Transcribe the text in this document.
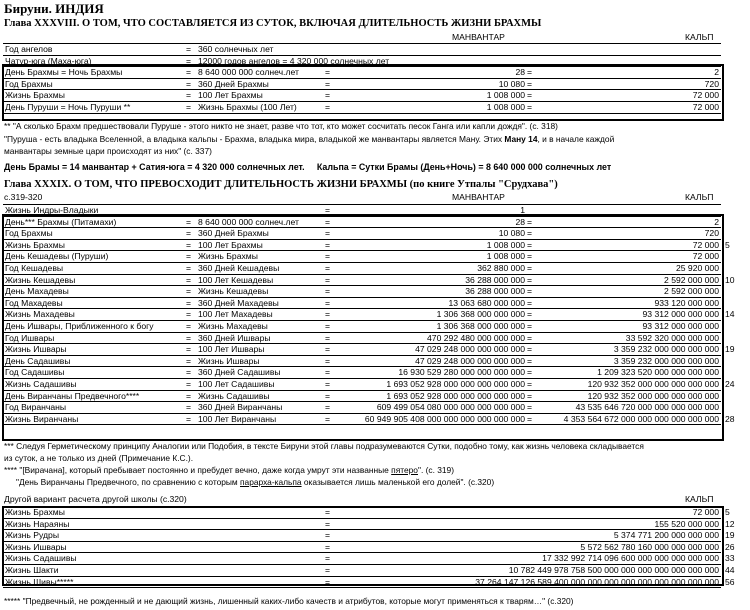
Бируни. ИНДИЯ
Глава XXXVIII. О ТОМ, ЧТО СОСТАВЛЯЕТСЯ ИЗ СУТОК, ВКЛЮЧАЯ ДЛИТЕЛЬНОСТЬ ЖИЗНИ БРАХМЫ
МАНВАНТАР	КАЛЬП
Год ангелов	= 360 солнечных лет
Чатур-юга (Маха-юга)	= 12000 годов ангелов = 4 320 000 солнечных лет
День Брахмы = Ночь Брахмы	= 8 640 000 000 солнеч.лет	=	28 =	2
Год Брахмы	= 360 Дней Брахмы	=	10 080 =	720
Жизнь Брахмы	= 100 Лет Брахмы	=	1 008 000 =	72 000
День Пуруши = Ночь Пуруши **	= Жизнь Брахмы (100 Лет)	=	1 008 000 =	72 000
** "А сколько Брахм предшествовали Пуруше - этого никто не знает, разве что тот, кто может сосчитать песок Ганга или капли дождя". (с. 318)
"Пуруша - есть владыка Вселенной, а владыка кальпы - Брахма, владыка мира, владыкой же манвантары является Ману. Этих Ману 14, и в начале каждой
манвантары земные цари происходят из них" (с. 337)
День Брамы = 14 манвантар + Сатия-юга = 4 320 000 солнечных лет.     Кальпа = Сутки Брамы (День+Ночь) = 8 640 000 000 солнечных лет
Глава XXXIX. О ТОМ, ЧТО ПРЕВОСХОДИТ ДЛИТЕЛЬНОСТЬ ЖИЗНИ БРАХМЫ (по книге Утпалы "Срудхава")
с.319-320	МАНВАНТАР	КАЛЬП
Жизнь Индры-Владыки	=	1
День*** Брахмы (Питамахи)	= 8 640 000 000 солнеч.лет	=	28 =	2
Год Брахмы	= 360 Дней Брахмы	=	10 080 =	720
Жизнь Брахмы	= 100 Лет Брахмы	=	1 008 000 =	72 000 5
День Кешадевы (Пуруши)	= Жизнь Брахмы	=	1 008 000 =	72 000
Год Кешадевы	= 360 Дней Кешадевы	=	362 880 000 =	25 920 000
Жизнь Кешадевы	= 100 Лет Кешадевы	=	36 288 000 000 =	2 592 000 000 10
День Махадевы	= Жизнь Кешадевы	=	36 288 000 000 =	2 592 000 000
Год Махадевы	= 360 Дней Махадевы	=	13 063 680 000 000 =	933 120 000 000
Жизнь Махадевы	= 100 Лет Махадевы	=	1 306 368 000 000 000 =	93 312 000 000 000 14
День Ишвары, Приближенного к богу	= Жизнь Махадевы	=	1 306 368 000 000 000 =	93 312 000 000 000
Год Ишвары	= 360 Дней Ишвары	=	470 292 480 000 000 000 =	33 592 320 000 000 000
Жизнь Ишвары	= 100 Лет Ишвары	=	47 029 248 000 000 000 000 =	3 359 232 000 000 000 000 19
День Садашивы	= Жизнь Ишвары	=	47 029 248 000 000 000 000 =	3 359 232 000 000 000 000
Год Садашивы	= 360 Дней Садашивы	=	16 930 529 280 000 000 000 000 =	1 209 323 520 000 000 000 000
Жизнь Садашивы	= 100 Лет Садашивы	=	1 693 052 928 000 000 000 000 000 =	120 932 352 000 000 000 000 000 24
День Виранчаны Предвечного****	= Жизнь Садашивы	=	1 693 052 928 000 000 000 000 000 =	120 932 352 000 000 000 000 000
Год Виранчаны	= 360 Дней Виранчаны	=	609 499 054 080 000 000 000 000 000 =	43 535 646 720 000 000 000 000 000
Жизнь Виранчаны	= 100 Лет Виранчаны	=	60 949 905 408 000 000 000 000 000 000 =	4 353 564 672 000 000 000 000 000 000 28
*** Следуя Герметическому принципу Аналогии или Подобия, в тексте Бируни этой главы подразумеваются Сутки, подобно тому, как жизнь человека складывается
из суток, а не только из дней (Примечание К.С.).
**** "[Вирачана], который пребывает постоянно и пребудет вечно, даже когда умрут эти названные пятеро". (с. 319)
"День Виранчаны Предвечного, по сравнению с которым парарха-кальпа оказывается лишь маленькой его долей". (с.320)
Другой вариант расчета другой школы (с.320)	КАЛЬП
Жизнь Брахмы	=	72 000 5
Жизнь Нараяны	=	155 520 000 000 12
Жизнь Рудры	=	5 374 771 200 000 000 000 19
Жизнь Ишвары	=	5 572 562 780 160 000 000 000 000 26
Жизнь Садашивы	=	17 332 992 714 096 600 000 000 000 000 000 33
Жизнь Шакти	=	10 782 449 978 758 500 000 000 000 000 000 000 000 44
Жизнь Шивы*****	=	37 264 147 126 589 400 000 000 000 000 000 000 000 000 000 56
***** "Предвечный, не рожденный и не дающий жизнь, лишенный каких-либо качеств и атрибутов, которые могут применяться к тварям…" (с.320)
